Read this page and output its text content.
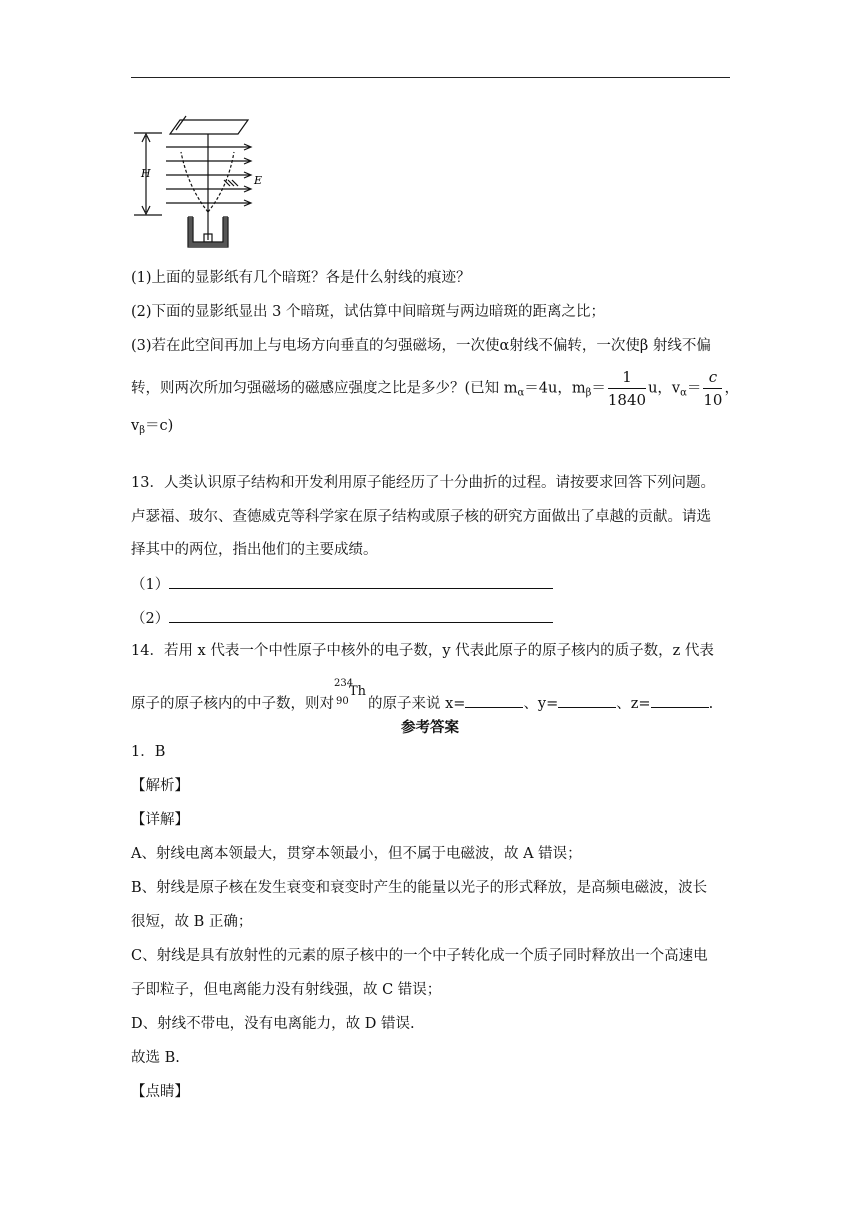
H
E
(1)上面的显影纸有几个暗斑？各是什么射线的痕迹？
(2)下面的显影纸显出 3 个暗斑，试估算中间暗斑与两边暗斑的距离之比；
(3)若在此空间再加上与电场方向垂直的匀强磁场，一次使α射线不偏转，一次使β 射线不偏
转，则两次所加匀强磁场的磁感应强度之比是多少？(已知 $m_\alpha=4u$，$m_\beta= \frac{1}{1840}$ u，$v_\alpha= \frac{c}{10}$ ，
$v_\beta=c$)
13．人类认识原子结构和开发利用原子能经历了十分曲折的过程。请按要求回答下列问题。
卢瑟福、玻尔、查德威克等科学家在原子结构或原子核的研究方面做出了卓越的贡献。请选
择其中的两位，指出他们的主要成绩。
（1）
（2）
14．若用 x 代表一个中性原子中核外的电子数，y 代表此原子的原子核内的质子数，z 代表
原子的原子核内的中子数，则对
234
90
Th
的原子来说 x=	、y=	、z=	.
参考答案
1．B
【解析】
【详解】
A、射线电离本领最大，贯穿本领最小，但不属于电磁波，故 A 错误；
B、射线是原子核在发生衰变和衰变时产生的能量以光子的形式释放，是高频电磁波，波长
很短，故 B 正确；
C、射线是具有放射性的元素的原子核中的一个中子转化成一个质子同时释放出一个高速电
子即粒子，但电离能力没有射线强，故 C 错误；
D、射线不带电，没有电离能力，故 D 错误.
故选 B.
【点睛】
